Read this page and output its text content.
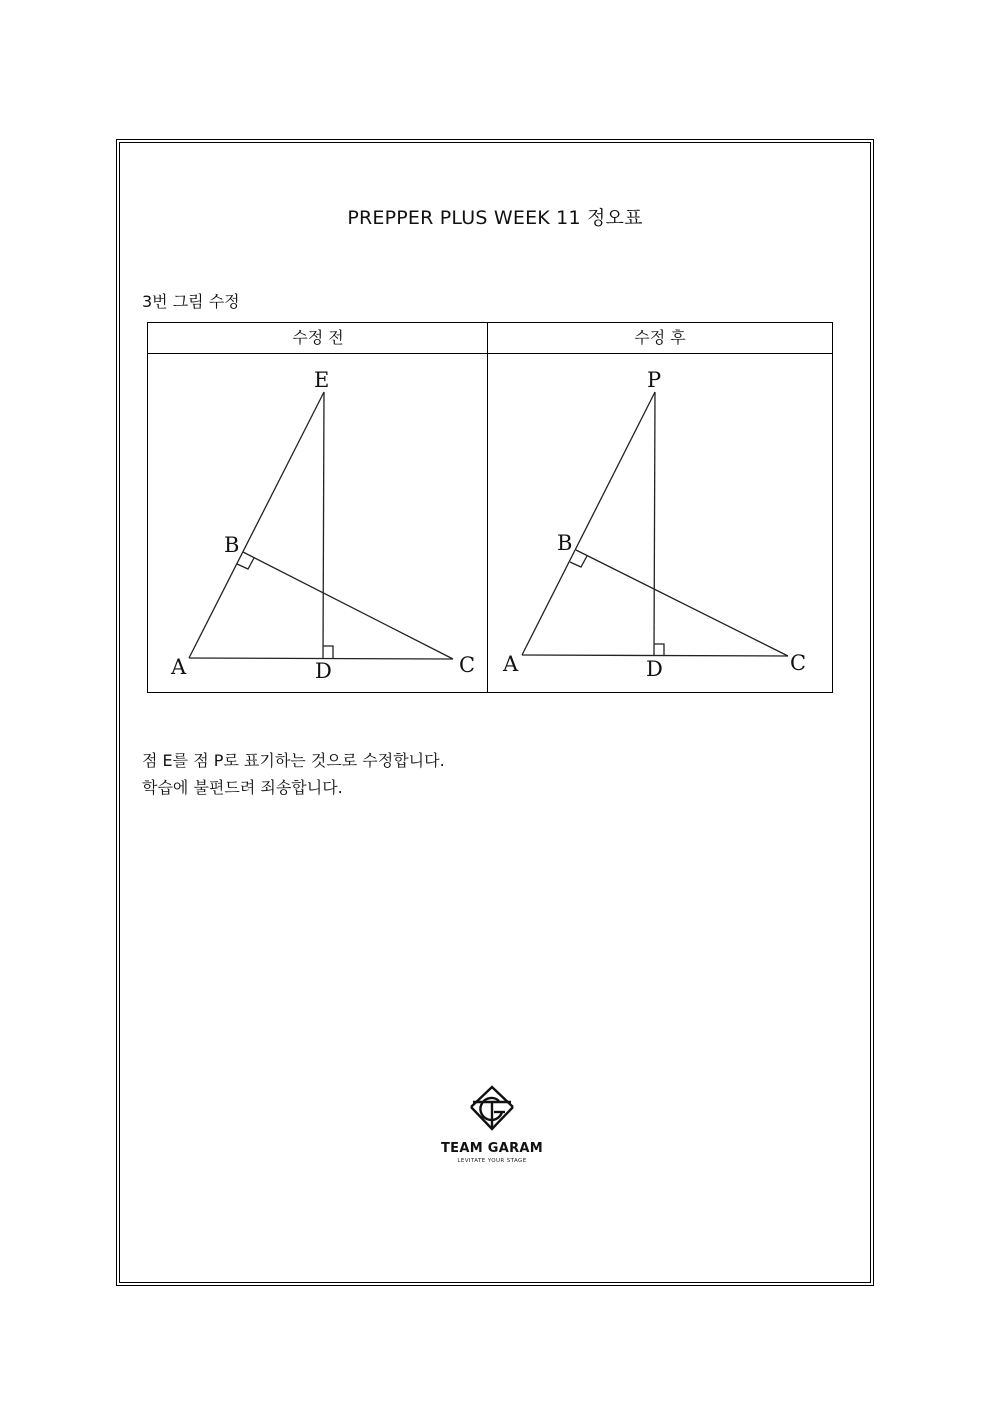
PREPPER PLUS WEEK 11 정오표
3번 그림 수정
수정 전	수정 후
E
B
A	D	C
P
B
A	D	C
점 E를 점 P로 표기하는 것으로 수정합니다.
학습에 불편드려 죄송합니다.
TEAM GARAM
LEVITATE YOUR STAGE
